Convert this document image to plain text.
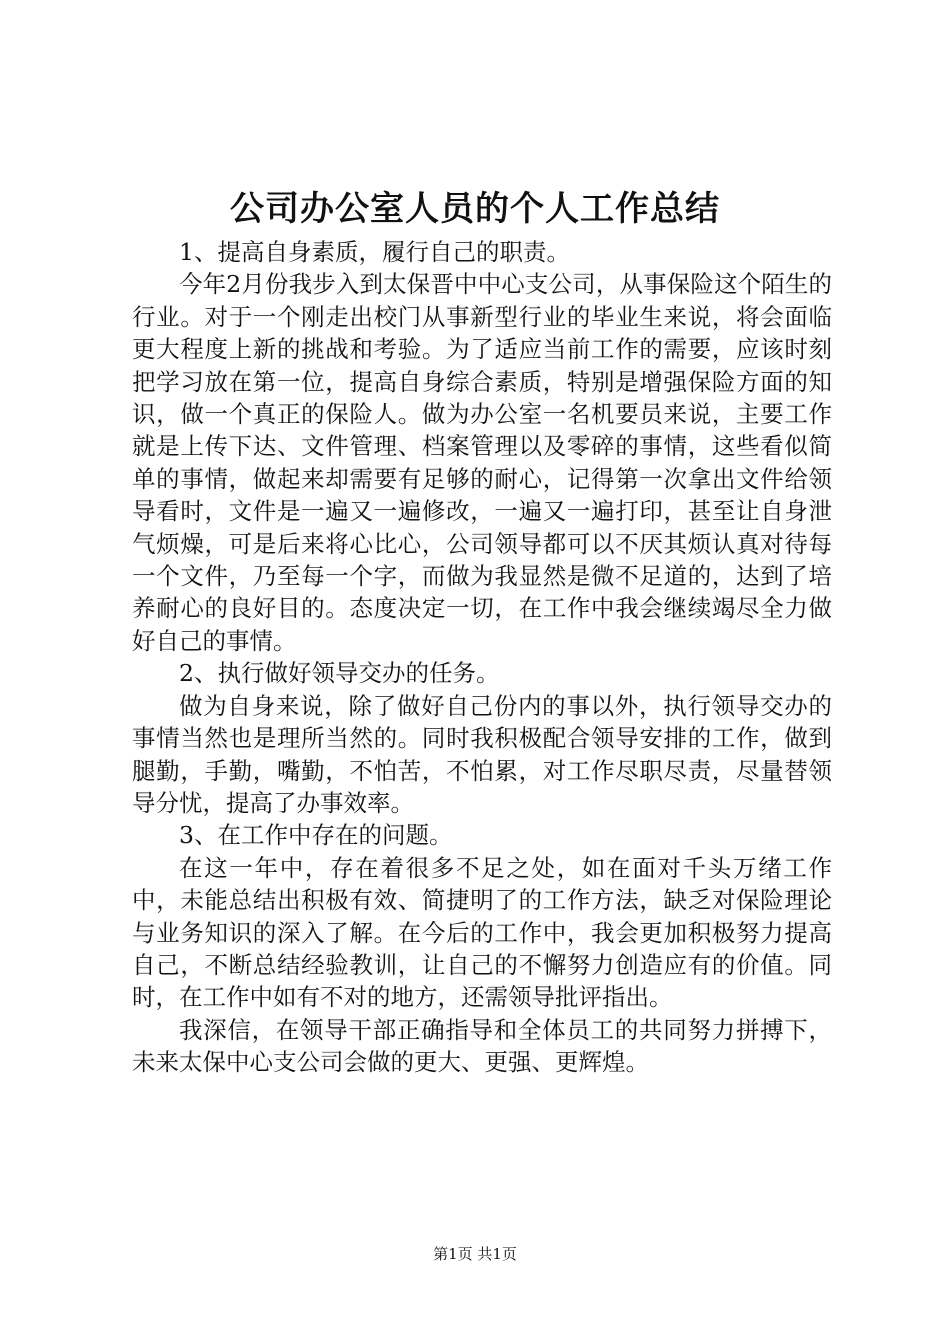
公司办公室人员的个人工作总结

1、提高自身素质，履行自己的职责。

今年2月份我步入到太保晋中中心支公司，从事保险这个陌生的行业。对于一个刚走出校门从事新型行业的毕业生来说，将会面临更大程度上新的挑战和考验。为了适应当前工作的需要，应该时刻把学习放在第一位，提高自身综合素质，特别是增强保险方面的知识，做一个真正的保险人。做为办公室一名机要员来说，主要工作就是上传下达、文件管理、档案管理以及零碎的事情，这些看似简单的事情，做起来却需要有足够的耐心，记得第一次拿出文件给领导看时，文件是一遍又一遍修改，一遍又一遍打印，甚至让自身泄气烦燥，可是后来将心比心，公司领导都可以不厌其烦认真对待每一个文件，乃至每一个字，而做为我显然是微不足道的，达到了培养耐心的良好目的。态度决定一切，在工作中我会继续竭尽全力做好自己的事情。

2、执行做好领导交办的任务。

做为自身来说，除了做好自己份内的事以外，执行领导交办的事情当然也是理所当然的。同时我积极配合领导安排的工作，做到腿勤，手勤，嘴勤，不怕苦，不怕累，对工作尽职尽责，尽量替领导分忧，提高了办事效率。

3、在工作中存在的问题。

在这一年中，存在着很多不足之处，如在面对千头万绪工作中，未能总结出积极有效、简捷明了的工作方法，缺乏对保险理论与业务知识的深入了解。在今后的工作中，我会更加积极努力提高自己，不断总结经验教训，让自己的不懈努力创造应有的价值。同时，在工作中如有不对的地方，还需领导批评指出。

我深信，在领导干部正确指导和全体员工的共同努力拼搏下，未来太保中心支公司会做的更大、更强、更辉煌。

第1页 共1页
